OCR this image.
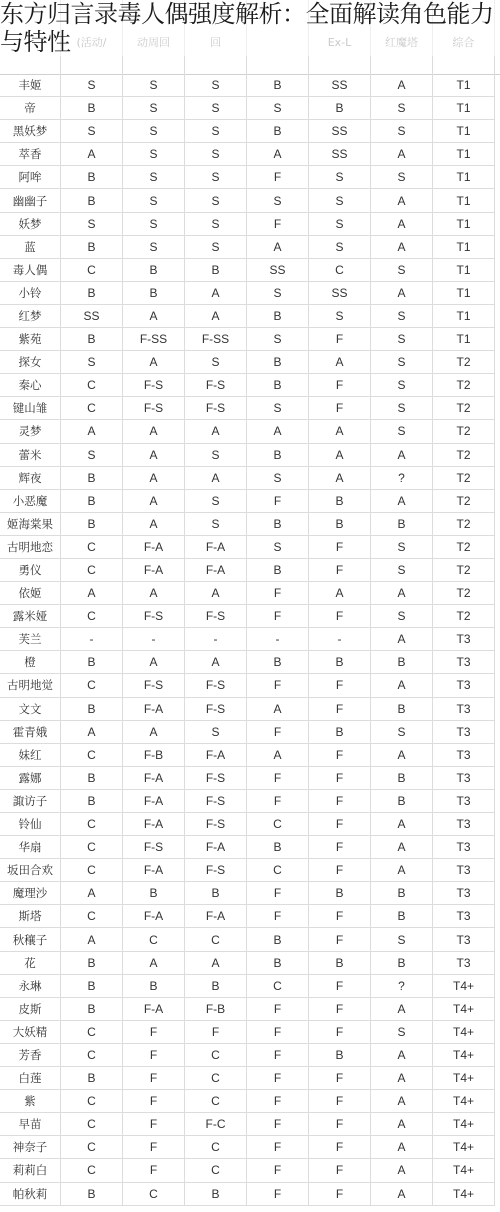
丰姬	S	S	S	B	SS	A	T1
帝	B	S	S	S	B	S	T1
黑妖梦	S	S	S	B	SS	S	T1
萃香	A	S	S	A	SS	A	T1
阿哞	B	S	S	F	S	S	T1
幽幽子	B	S	S	S	S	A	T1
妖梦	S	S	S	F	S	A	T1
蓝	B	S	S	A	S	A	T1
毒人偶	C	B	B	SS	C	S	T1
小铃	B	B	A	S	SS	A	T1
红梦	SS	A	A	B	S	S	T1
紫苑	B	F-SS	F-SS	S	F	S	T1
探女	S	A	S	B	A	S	T2
秦心	C	F-S	F-S	B	F	S	T2
键山雏	C	F-S	F-S	S	F	S	T2
灵梦	A	A	A	A	A	S	T2
蕾米	S	A	S	B	A	A	T2
辉夜	B	A	A	S	A	?	T2
小恶魔	B	A	S	F	B	A	T2
姬海棠果	B	A	S	B	B	B	T2
古明地恋	C	F-A	F-A	S	F	S	T2
勇仪	C	F-A	F-A	B	F	S	T2
依姬	A	A	A	F	A	A	T2
露米娅	C	F-S	F-S	F	F	S	T2
芙兰	-	-	-	-	-	A	T3
橙	B	A	A	B	B	B	T3
古明地觉	C	F-S	F-S	F	F	A	T3
文文	B	F-A	F-S	A	F	B	T3
霍青娥	A	A	S	F	B	S	T3
妹红	C	F-B	F-A	A	F	A	T3
露娜	B	F-A	F-S	F	F	B	T3
諏访子	B	F-A	F-S	F	F	B	T3
铃仙	C	F-A	F-S	C	F	A	T3
华扇	C	F-S	F-A	B	F	A	T3
坂田合欢	C	F-A	F-S	C	F	A	T3
魔理沙	A	B	B	F	B	B	T3
斯塔	C	F-A	F-A	F	F	B	T3
秋穰子	A	C	C	B	F	S	T3
花	B	A	A	B	B	B	T3
永琳	B	B	B	C	F	?	T4+
皮斯	B	F-A	F-B	F	F	A	T4+
大妖精	C	F	F	F	F	S	T4+
芳香	C	F	C	F	B	A	T4+
白莲	B	F	C	F	F	A	T4+
紫	C	F	C	F	F	A	T4+
早苗	C	F	F-C	F	F	A	T4+
神奈子	C	F	C	F	F	A	T4+
莉莉白	C	F	C	F	F	A	T4+
帕秋莉	B	C	B	F	F	A	T4+
东方归言录毒人偶强度解析：全面解读角色能力与特性
